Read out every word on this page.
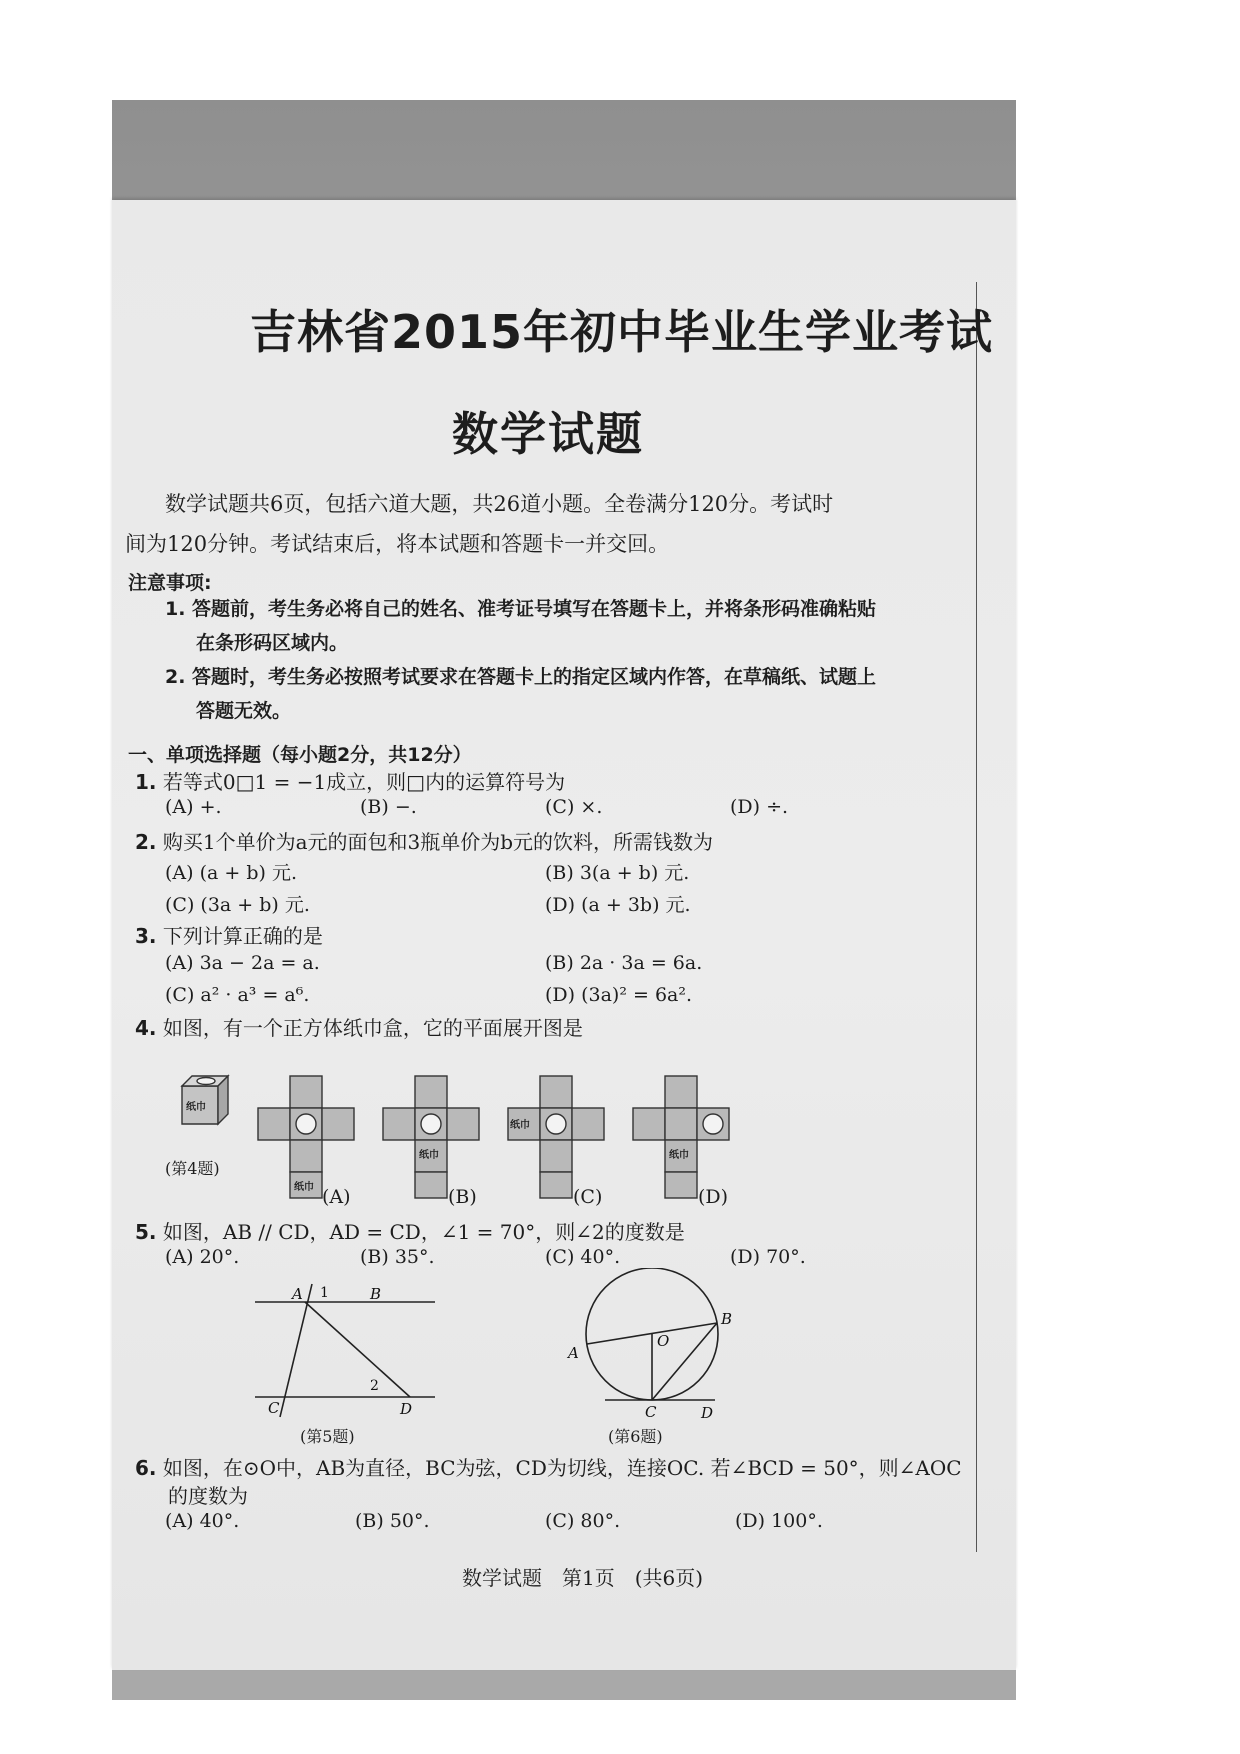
吉林省2015年初中毕业生学业考试
数学试题
数学试题共6页，包括六道大题，共26道小题。全卷满分120分。考试时
间为120分钟。考试结束后，将本试题和答题卡一并交回。
注意事项:
1. 答题前，考生务必将自己的姓名、准考证号填写在答题卡上，并将条形码准确粘贴
在条形码区域内。
2. 答题时，考生务必按照考试要求在答题卡上的指定区域内作答，在草稿纸、试题上
答题无效。
一、单项选择题（每小题2分，共12分）
1. 若等式0□1 = −1成立，则□内的运算符号为
(A) +.	(B) −.	(C) ×.	(D) ÷.
2. 购买1个单价为a元的面包和3瓶单价为b元的饮料，所需钱数为
(A) (a + b) 元.	(B) 3(a + b) 元.
(C) (3a + b) 元.	(D) (a + 3b) 元.
3. 下列计算正确的是
(A) 3a − 2a = a.	(B) 2a · 3a = 6a.
(C) a² · a³ = a⁶.	(D) (3a)² = 6a².
4. 如图，有一个正方体纸巾盒，它的平面展开图是
纸巾
纸巾
纸巾
纸巾
纸巾
(第4题)
(A)	(B)	(C)	(D)
5. 如图，AB // CD，AD = CD，∠1 = 70°，则∠2的度数是
(A) 20°.	(B) 35°.	(C) 40°.	(D) 70°.
A	B
C	D
1
2
(第5题)
A
B
C	D
O
(第6题)
6. 如图，在⊙O中，AB为直径，BC为弦，CD为切线，连接OC. 若∠BCD = 50°，则∠AOC
的度数为
(A) 40°.	(B) 50°.	(C) 80°.	(D) 100°.
数学试题　第1页　(共6页)
